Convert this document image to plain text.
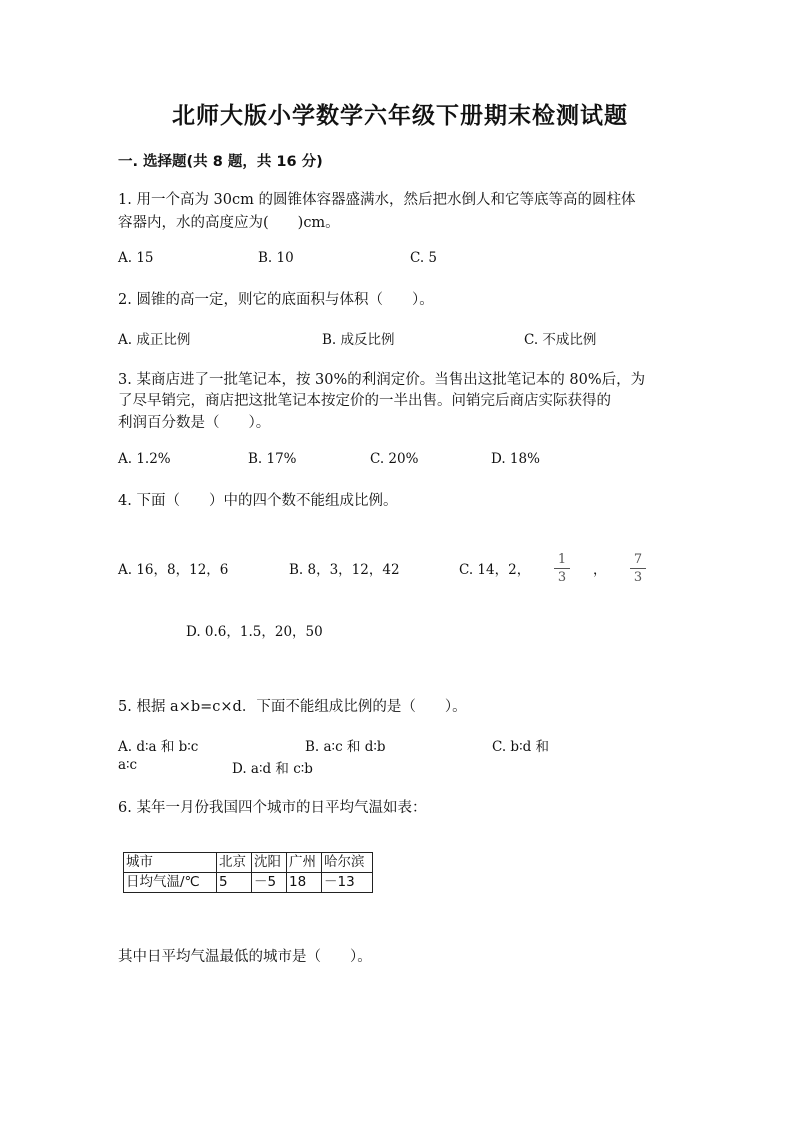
北师大版小学数学六年级下册期末检测试题
一. 选择题(共 8 题，共 16 分)
1. 用一个高为 30cm 的圆锥体容器盛满水，然后把水倒人和它等底等高的圆柱体
容器内，水的高度应为(　　)cm。
A. 15	B. 10	C. 5
2. 圆锥的高一定，则它的底面积与体积（　　）。
A. 成正比例	B. 成反比例	C. 不成比例
3. 某商店进了一批笔记本，按 30%的利润定价。当售出这批笔记本的 80%后，为
了尽早销完，商店把这批笔记本按定价的一半出售。问销完后商店实际获得的
利润百分数是（　　）。
A. 1.2%	B. 17%	C. 20%	D. 18%
4. 下面（　　）中的四个数不能组成比例。
A. 16，8，12，6	B. 8，3，12，42	C. 14，2，
1
3 ，
7
3
D. 0.6，1.5，20，50
5. 根据 a×b=c×d．下面不能组成比例的是（　　）。
A. d∶a 和 b∶c	B. a∶c 和 d∶b	C. b∶d 和
a∶c	D. a∶d 和 c∶b
6. 某年一月份我国四个城市的日平均气温如表：
城市	北京	沈阳	广州	哈尔滨
日均气温/℃	5	－5	18	－13
其中日平均气温最低的城市是（　　）。
